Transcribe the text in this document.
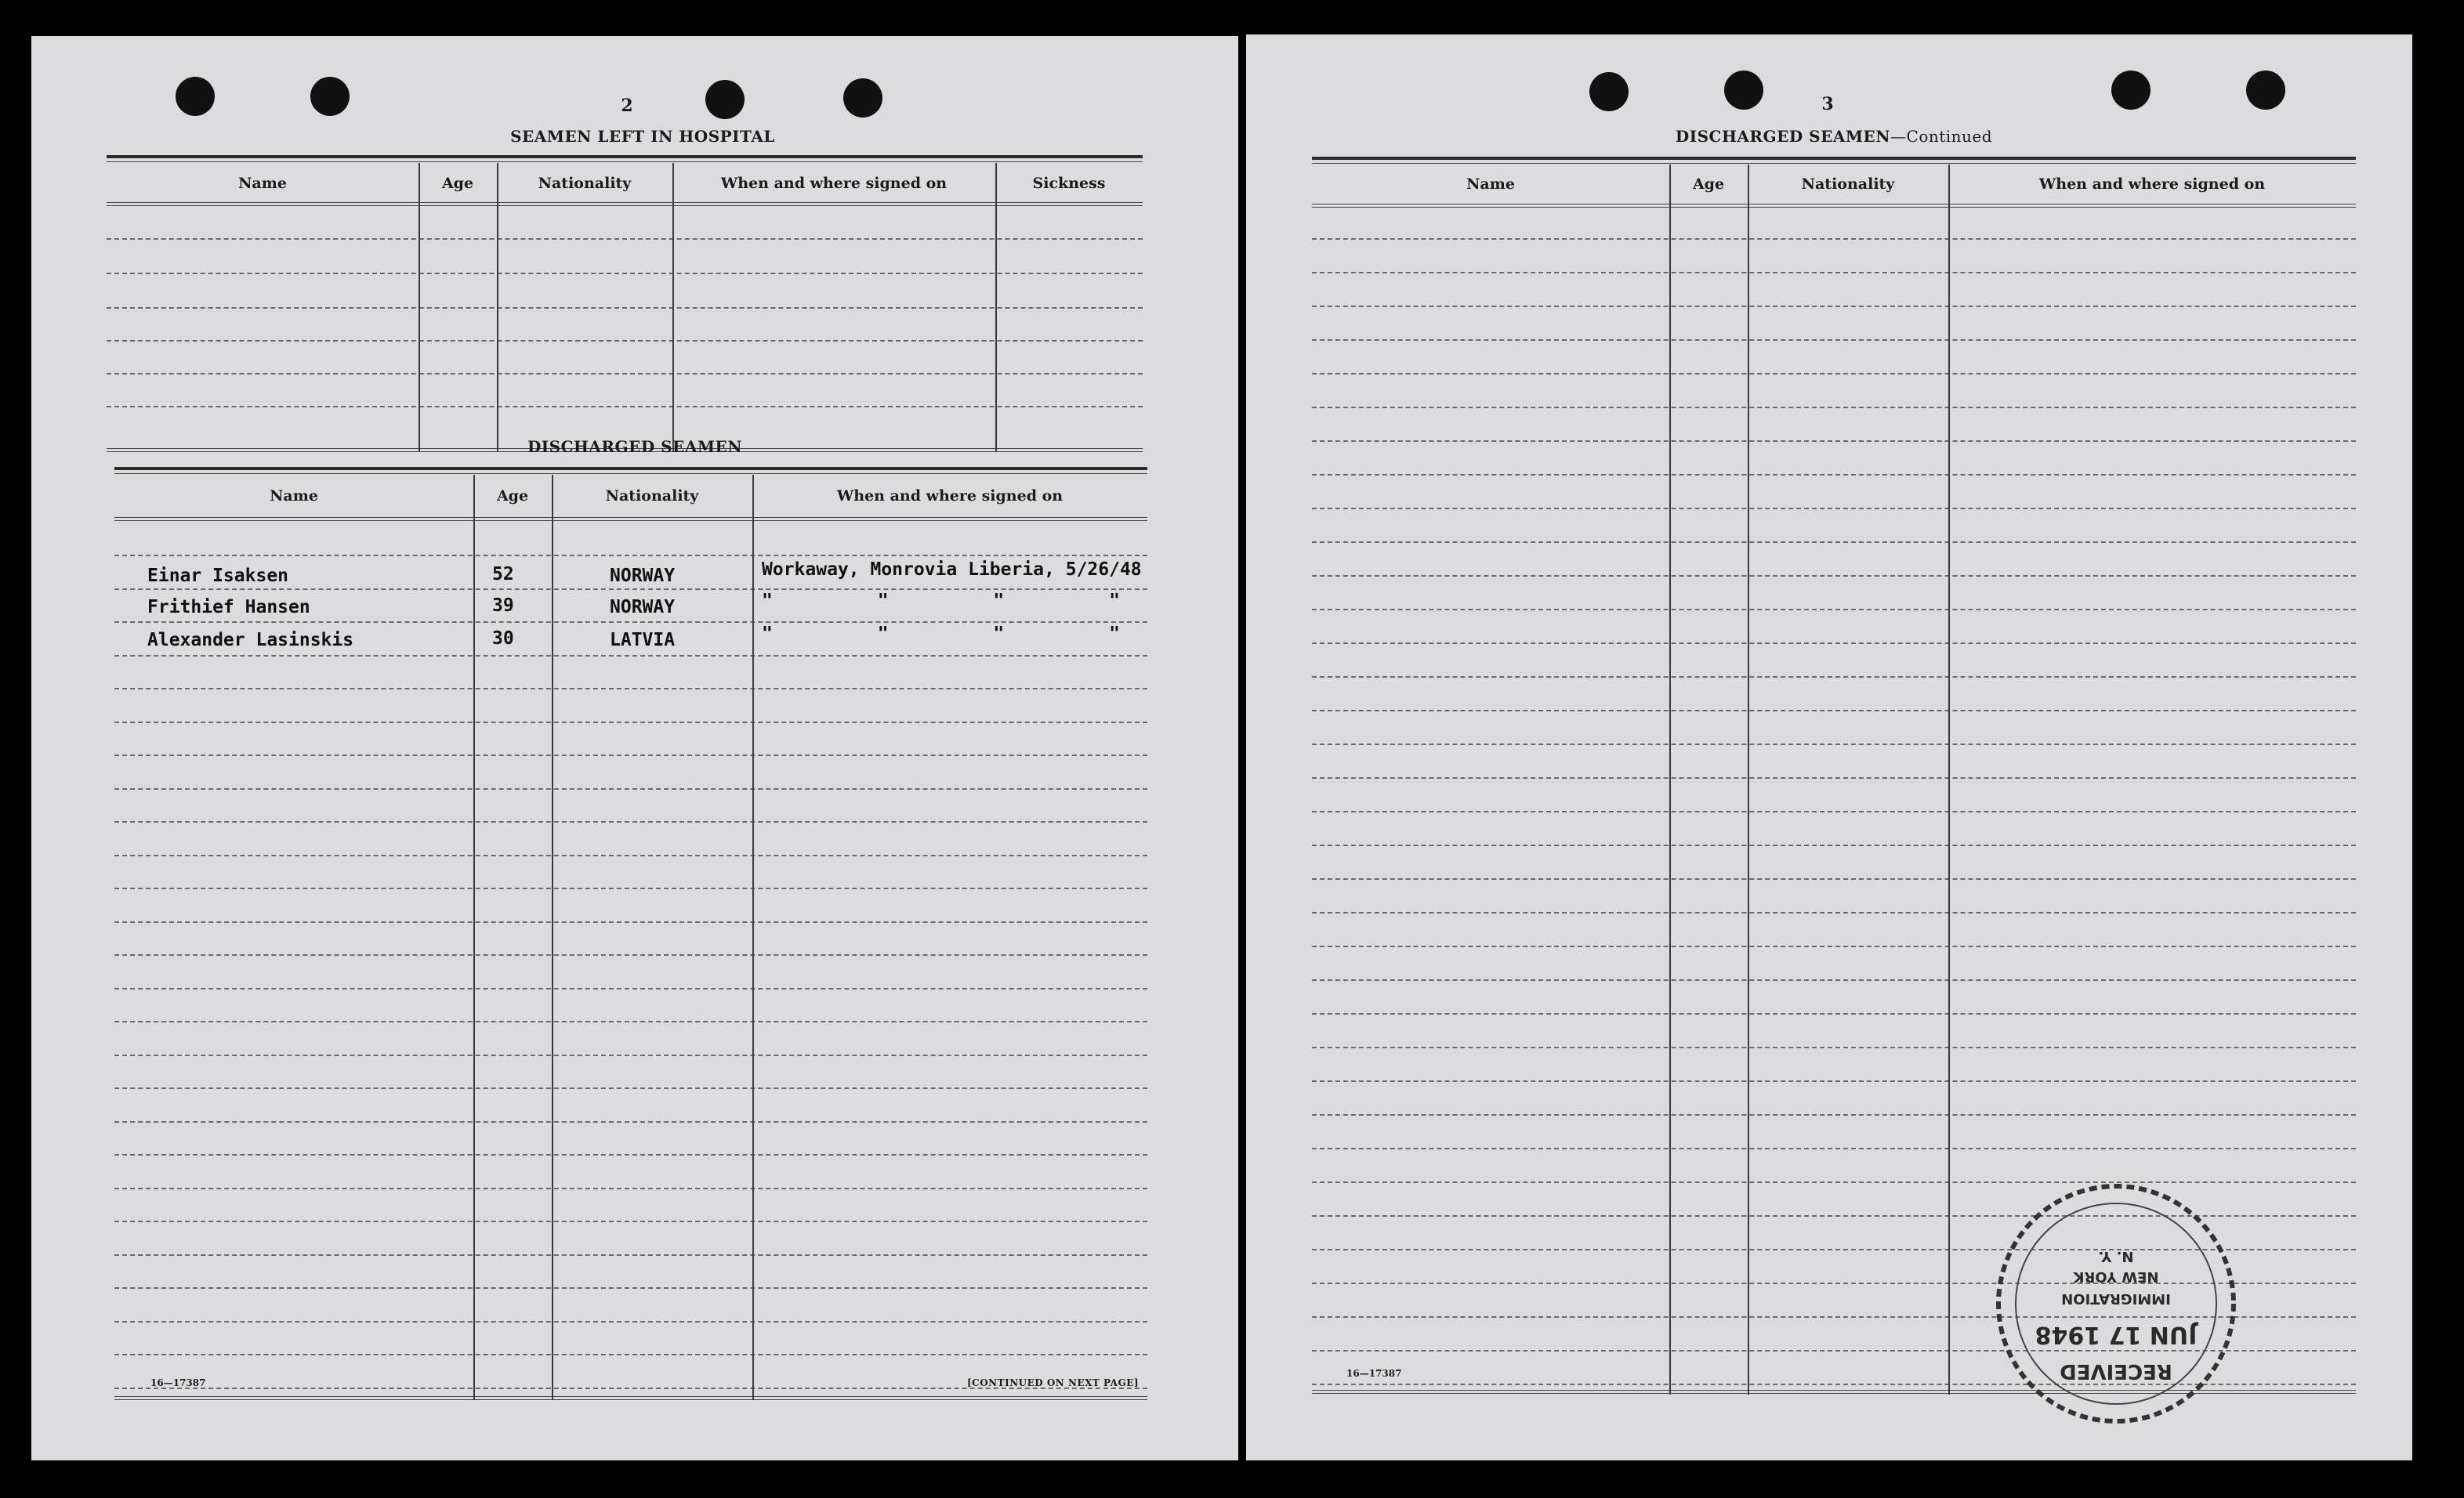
2
SEAMEN LEFT IN HOSPITAL
Name	Age	Nationality	When and where signed on	Sickness
DISCHARGED SEAMEN
Name	Age	Nationality	When and where signed on
Einar Isaksen	52	NORWAY	Workaway, Monrovia Liberia, 5/26/48
Frithief Hansen	39	NORWAY	" " " "
Alexander Lasinskis	30	LATVIA	" " " "
16—17387	[CONTINUED ON NEXT PAGE]
3
DISCHARGED SEAMEN—Continued
Name	Age	Nationality	When and where signed on
16—17387	RECEIVED
JUN 17 1948
IMMIGRATION
NEW YORK
N. Y.
